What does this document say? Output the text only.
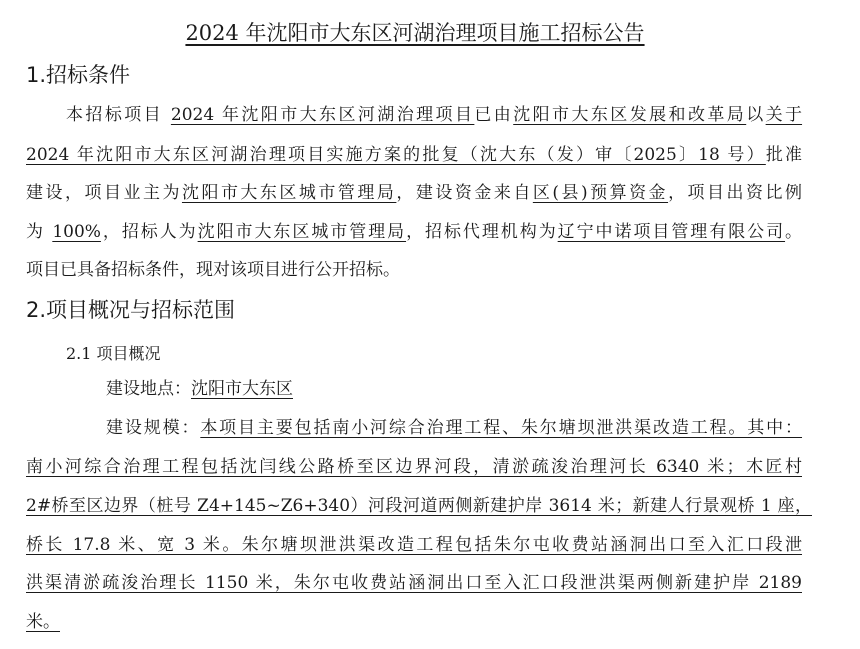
2024 年沈阳市大东区河湖治理项目施工招标公告
1.招标条件
本招标项目 2024 年沈阳市大东区河湖治理项目已由沈阳市大东区发展和改革局以关于
2024 年沈阳市大东区河湖治理项目实施方案的批复（沈大东（发）审〔2025〕18 号）批准
建设，项目业主为沈阳市大东区城市管理局，建设资金来自区(县)预算资金，项目出资比例
为 100%，招标人为沈阳市大东区城市管理局，招标代理机构为辽宁中诺项目管理有限公司。
项目已具备招标条件，现对该项目进行公开招标。
2.项目概况与招标范围
2.1 项目概况
建设地点：沈阳市大东区
建设规模：本项目主要包括南小河综合治理工程、朱尔塘坝泄洪渠改造工程。其中：
南小河综合治理工程包括沈闫线公路桥至区边界河段，清淤疏浚治理河长 6340 米；木匠村
2#桥至区边界（桩号 Z4+145~Z6+340）河段河道两侧新建护岸 3614 米；新建人行景观桥 1 座，
桥长 17.8 米、宽 3 米。朱尔塘坝泄洪渠改造工程包括朱尔屯收费站涵洞出口至入汇口段泄
洪渠清淤疏浚治理长 1150 米，朱尔屯收费站涵洞出口至入汇口段泄洪渠两侧新建护岸 2189
米。
